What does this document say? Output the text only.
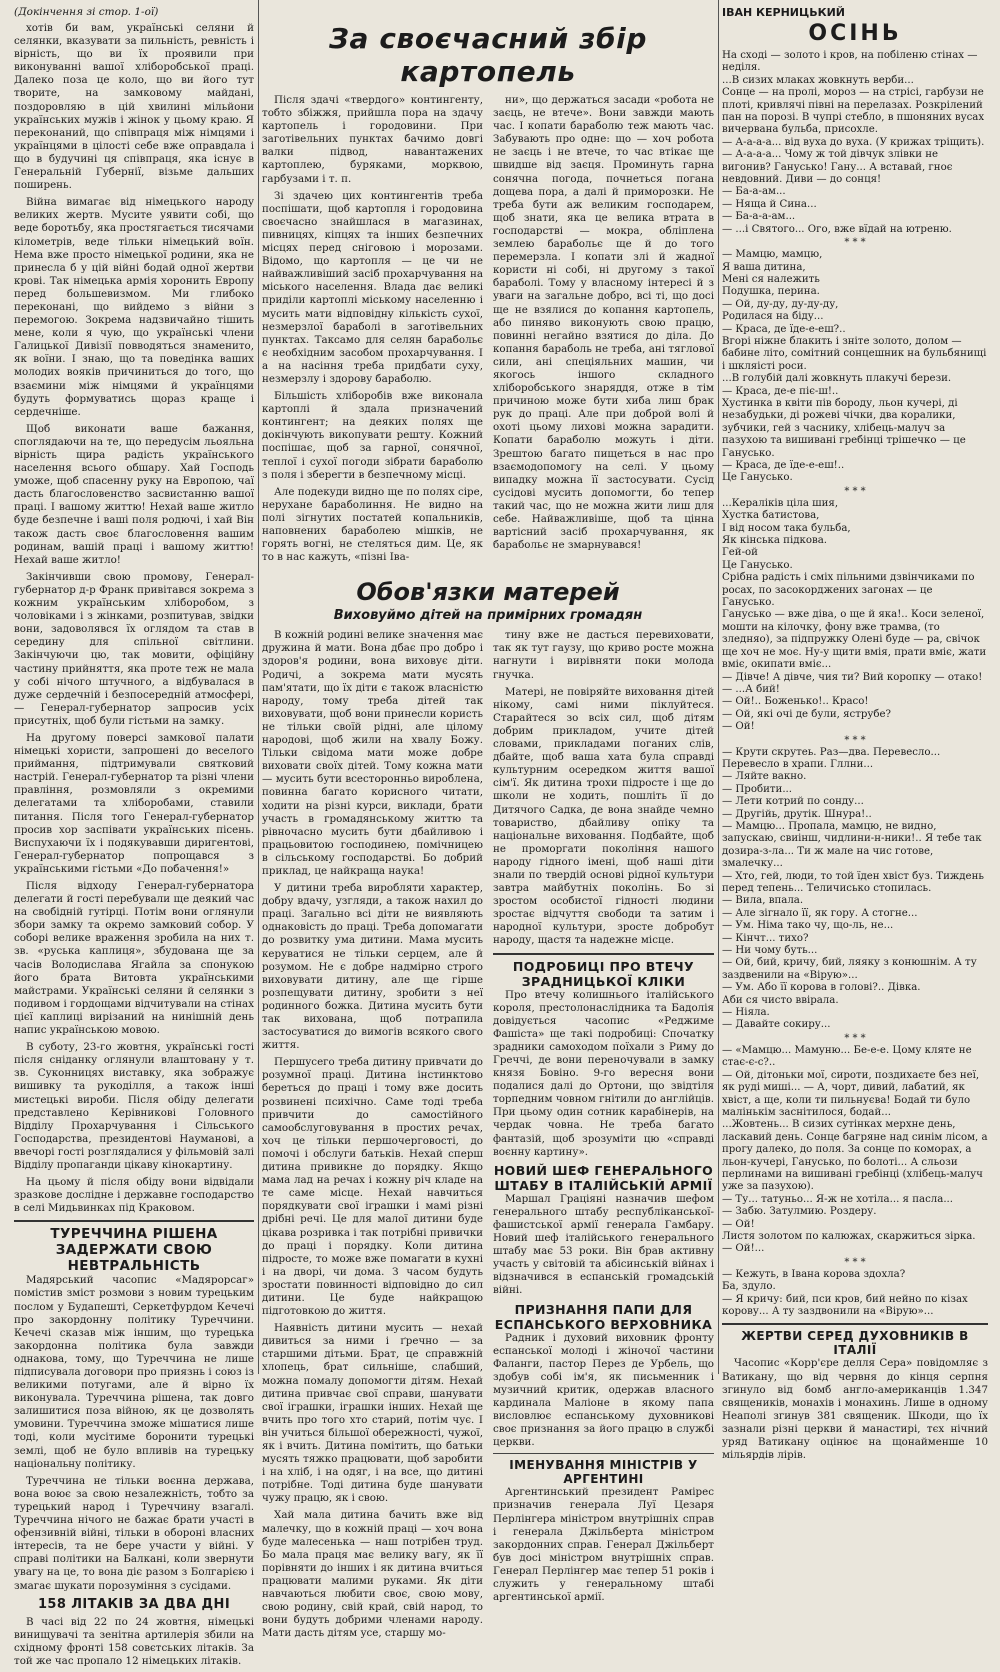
(Докінчення зі стор. 1-ої)

хотів би вам, українські селяни й селянки, вказувати за пильність, ревність і вірність, що ви їх проявили при виконуванні вашої хліборобської праці. Далеко поза це коло, що ви його тут творите, на замковому майдані, поздоровляю в цій хвилині мільйони українських мужів і жінок у цьому краю. Я переконаний, що співпраця між німцями і українцями в цілості себе вже оправдала і що в будучині ця співпраця, яка існує в Генеральній Губернії, візьме дальших поширень.

Війна вимагає від німецького народу великих жертв. Мусите уявити собі, що веде боротьбу, яка простягається тисячами кілометрів, веде тільки німецький воїн. Нема вже просто німецької родини, яка не принесла б у цій війні бодай одної жертви крові. Так німецька армія хоронить Европу перед большевизмом. Ми глибоко переконані, що вийдемо з війни з перемогою. Зокрема надзвичайно тішить мене, коли я чую, що українські члени Галицької Дивізії повводяться знаменито, як воїни. І знаю, що та поведінка ваших молодих вояків причиниться до того, що взаємини між німцями й українцями будуть формуватись щораз краще і сердечніше.

Щоб виконати ваше бажання, споглядаючи на те, що передусім льояльна вірність щира радість українського населення всього обшару. Хай Господь уможе, щоб спасенну руку на Европою, чаї дасть благословенство засвистанню вашої праці. І вашому життю! Нехай ваше житло буде безпечне і ваші поля родючі, і хай Він також дасть своє благословення вашим родинам, вашій праці і вашому життю! Нехай ваше житло!

Закінчивши свою промову, Генерал-губернатор д-р Франк привітався зокрема з кожним українським хліборобом, з чоловіками і з жінками, розпитував, звідки вони, задоволявся їх оглядом та став в середину для спільної світлини. Закінчуючи цю, так мовити, офіційну частину прийняття, яка проте теж не мала у собі нічого штучного, а відбувалася в дуже сердечній і безпосередній атмосфері, — Генерал-губернатор запросив усіх присутніх, щоб були гістьми на замку.

На другому поверсі замкової палати німецькі хористи, запрошені до веселого приймання, підтримували святковий настрій. Генерал-губернатор та різні члени правління, розмовляли з окремими делегатами та хліборобами, ставили питання. Після того Генерал-губернатор просив хор заспівати українських пісень. Виспухаючи їх і подякувавши диригентові, Генерал-губернатор попрощався з українськими гістьми «До побачення!»

Після відходу Генерал-губернатора делегати й гості перебували ще деякий час на свобідній гутірці. Потім вони оглянули збори замку та окремо замковий собор. У соборі велике враження зробила на них т. зв. «руська каплиця», збудована ще за часів Володислава Ягайла за спонукою його брата Витовта українськими майстрами. Українські селяни й селянки з подивом і гордощами відчитували на стінах цієї каплиці вирізаний на нинішній день напис українською мовою.

В суботу, 23-го жовтня, українські гості після сніданку оглянули влаштовану у т. зв. Суконницях виставку, яка зображує вишивку та рукоділля, а також інші мистецькі вироби. Після обіду делегати представлено Керівникові Головного Відділу Прохарчування і Сільського Господарства, президентові Науманові, а ввечорі гості розглядалися у фільмовій залі Відділу пропаганди цікаву кінокартину.

На цьому й після обіду вони відвідали зразкове дослідне і державне господарство в селі Мидьвинках під Краковом.

ТУРЕЧЧИНА РІШЕНА ЗАДЕРЖАТИ СВОЮ НЕВТРАЛЬНІСТЬ

Мадярський часопис «Мадярорсаг» помістив зміст розмови з новим турецьким послом у Будапешті, Серкетфурдом Кечечі про закордонну політику Туреччини. Кечечі сказав між іншим, що турецька закордонна політика була завжди однакова, тому, що Туреччина не лише підписувала договори про приязнь і союз із великими потугами, але й вірно їх виконувала. Туреччина рішена, так довго залишитися поза війною, як це дозволять умовини. Туреччина зможе мішатися лише тоді, коли мусітиме боронити турецькі землі, щоб не було впливів на турецьку національну політику.

Туреччина не тільки воєнна держава, вона воює за свою незалежність, тобто за турецький народ і Туреччину взагалі. Туреччина нічого не бажає брати участі в офензивній війні, тільки в обороні власних інтересів, та не бере участи у війні. У справі політики на Балкані, коли звернути увагу на це, то вона діє разом з Болгарією і змагає шукати порозуміння з сусідами.

158 ЛІТАКІВ ЗА ДВА ДНІ

В часі від 22 по 24 жовтня, німецькі винищувачі та зенітна артилерія збили на східному фронті 158 совєтських літаків. За той же час пропало 12 німецьких літаків.

За своєчасний збір картопель

Після здачі «твердого» контингенту, тобто збіжжя, прийшла пора на здачу картопель і городовини. При заготівельних пунктах бачимо довгі валки підвод, навантажених картоплею, буряками, морквою, гарбузами і т. п.

Зі здачею цих контингентів треба поспішати, щоб картопля і городовина своєчасно знайшлася в магазинах, пивницях, кіпцях та інших безпечних місцях перед сніговою і морозами. Відомо, що картопля — це чи не найважливіший засіб прохарчування на міського населення. Влада дає великі приділи картоплі міському населенню і мусить мати відповідну кількість сухої, незмерзлої бараболі в заготівельних пунктах. Таксамо для селян барабольє є необхідним засобом прохарчування. І а на насіння треба придбати суху, незмерзлу і здорову бараболю.

Більшість хліборобів вже виконала картоплі й здала призначений контингент; на деяких полях ще докінчують викопувати решту. Кожний поспішає, щоб за гарної, сонячної, теплої і сухої погоди зібрати бараболю з поля і зберегти в безпечному місці.

Але подекуди видно ще по полях сіре, нерухане бараболиння. Не видно на полі зігнутих постатей копальників, наповнених бараболею мішків, не горять вогні, не стеляться дим. Це, як то в нас кажуть, «пізні Іва-

ни», що держаться засади «робота не заєць, не втече». Вони завжди мають час. І копати бараболю теж мають час. Забувають про одне: що — хоч робота не заєць і не втече, то час втікає ще швидше від заєця. Проминуть гарна сонячна погода, почнеться погана дощева пора, а далі й приморозки. Не треба бути аж великим господарем, щоб знати, яка це велика втрата в господарстві — мокра, обліплена землею барабольє ще й до того перемерзла. І копати злі й жадної користи ні собі, ні другому з такої бараболі. Тому у власному інтересі й з уваги на загальне добро, всі ті, що досі ще не взялися до копання картопель, або пиняво виконують свою працю, повинні негайно взятися до діла. До копання бараболь не треба, ані тяглової сили, ані спеціяльних машин, чи якогось іншого складного хліборобського знаряддя, отже в тім причиною може бути хиба лиш брак рук до праці. Але при доброй волі й охоті цьому лихові можна зарадити. Копати бараболю можуть і діти. Зрештою багато пищеться в нас про взаємодопомогу на селі. У цьому випадку можна її застосувати. Сусід сусідові мусить допомогти, бо тепер такий час, що не можна жити лиш для себе. Найважливіше, щоб та цінна вартісний засіб прохарчування, як барабольє не змарнувався!

Обов'язки матерей
Виховуймо дітей на примірних громадян

В кожній родині велике значення має дружина й мати. Вона дбає про добро і здоров'я родини, вона виховує діти. Родичі, а зокрема мати мусять пам'ятати, що їх діти є також власністю народу, тому треба дітей так виховувати, щоб вони принесли користь не тільки своїй рідні, але цілому народові, щоб жили на хвалу Божу. Тільки свідома мати може добре виховати своїх дітей. Тому кожна мати — мусить бути всесторонньо вироблена, повинна багато корисного читати, ходити на різні курси, виклади, брати участь в громадянському життю та рівночасно мусить бути дбайливою і працьовитою господинею, помічницею в сільському господарстві. Бо добрий приклад, це найкраща наука!

У дитини треба виробляти характер, добру вдачу, узгляди, а також нахил до праці. Загально всі діти не виявляють однаковість до праці. Треба допомагати до розвитку ума дитини. Мама мусить керуватися не тільки серцем, але й розумом. Не є добре надмірно строго виховувати дитину, але ще гірше розпещувати дитину, зробити з неї родинного божка. Дитина мусить бути так вихована, щоб потрапила застосуватися до вимогів всякого свого життя.

Першусего треба дитину привчати до розумної праці. Дитина інстинктово береться до праці і тому вже досить розвинені психічно. Саме тоді треба привчити до самостійного самообслуговування в простих речах, хоч це тільки першочерговості, до помочі і обслуги батьків. Нехай сперш дитина привикне до порядку. Якщо мама лад на речах і кожну річ кладе на те саме місце. Нехай навчиться порядкувати свої іграшки і мамі різні дрібні речі. Це для малої дитини буде цікава розривка і так потрібні привички до праці і порядку. Коли дитина підросте, то може вже помагати в кухні і на дворі, чи дома. З часом будуть зростати повинності відповідно до сил дитини. Це буде найкращою підготовкою до життя.

Наявність дитини мусить — нехай дивиться за ними і ґречно — за старшими дітьми. Брат, це справжній хлопець, брат сильніше, слабший, можна помалу допомогти дітям. Нехай дитина привчає свої справи, шанувати свої іграшки, іграшки інших. Нехай ще вчить про того хто старий, потім чує. І він учиться більшої обережності, чужої, як і вчить. Дитина помітить, що батьки мусять тяжко працювати, щоб заробити і на хліб, і на одяг, і на все, що дитині потрібне. Тоді дитина буде шанувати чужу працю, як і свою.

Хай мала дитина бачить вже від малечку, що в кожній праці — хоч вона буде малесенька — наш потрібен труд. Бо мала праця має велику вагу, як її порівняти до інших і як дитина вчиться працювати малими руками. Як діти навчаються любити своє, свою мову, свою родину, свій край, свій народ, то вони будуть добрими членами народу. Мати дасть дітям усе, старшу мо-

тину вже не дасться перевиховати, так як тут гаузу, що криво росте можна нагнути і вирівняти поки молода гнучка.

Матері, не повіряйте виховання дітей нікому, самі ними піклуйтеся. Старайтеся зо всіх сил, щоб дітям добрим прикладом, учите дітей словами, прикладами поганих слів, дбайте, щоб ваша хата була справді культурним осередком життя вашої сім'ї. Як дитина трохи підросте і ще до школи не ходить, пошліть її до Дитячого Садка, де вона знайде чемно товариство, дбайливу опіку та національне виховання. Подбайте, щоб не проморгати покоління нашого народу гідного імені, щоб наші діти знали по твердій основі рідної культури завтра майбутніх поколінь. Бо зі зростом особистої гідності людини зростає відчуття свободи та затим і народної культури, зросте добробут народу, щастя та надежне місце.

ПОДРОБИЦІ ПРО ВТЕЧУ ЗРАДНИЦЬКОЇ КЛІКИ

Про втечу колишнього італійського короля, престолонаслідника та Бадолія довідується часопис «Реджиме Фашіста» ще такі подробиці: Спочатку зрадники самоходом поїхали з Риму до Греччі, де вони переночували в замку князя Бовіно. 9-го вересня вони подалися далі до Ортони, що звідтіля торпедним човном гнітили до англійців. При цьому один сотник карабінерів, на чердак човна. Не треба багато фантазій, щоб зрозуміти цю «справді воєнну картину».

НОВИЙ ШЕФ ГЕНЕРАЛЬНОГО ШТАБУ В ІТАЛІЙСЬКІЙ АРМІЇ

Маршал Граціяні назначив шефом генерального штабу республіканської-фашистської армії генерала Гамбару. Новий шеф італійського генерального штабу має 53 роки. Він брав активну участь у світовій та абісинській війнах і відзначився в еспанській громадській війні.

ПРИЗНАННЯ ПАПИ ДЛЯ ЕСПАНСЬКОГО ВЕРХОВНИКА

Радник і духовий виховник фронту еспанської молоді і жіночої частини Фаланги, пастор Перез де Урбель, що здобув собі ім'я, як письменник і музичний критик, одержав власного кардинала Маліоне в якому папа висловлює еспанському духовникові своє признання за його працю в службі церкви.

ІМЕНУВАННЯ МІНІСТРІВ У АРГЕНТИНІ

Аргентинський президент Раміреc призначив генерала Луї Цезаря Перлінгера міністром внутрішніх справ і генерала Джільберта міністром закордонних справ. Генерал Джільберт був досі міністром внутрішніх справ. Генерал Перлінгер має тепер 51 років і служить у генеральному штабі аргентинської армії.

ІВАН КЕРНИЦЬКИЙ
ОСІНЬ

На сході — золото і кров, на побіленю стінах — неділя.

...В сизих млаках жовкнуть верби...

Сонце — на пролі, мороз — на стрісі, гарбузи не плоті, кривлячі півні на перелазах. Розкрілений пан на порозі. В чупрі стебло, в пшоняних вусах вичервана бульба, присохле.

— А-а-а-а... від вуха до вуха. (У крижах тріщить).

— А-а-а-а... Чому ж той дівчук злівки не вигонив? Ганусько! Гану... А вставай, гноє невдовний. Диви — до сонця!

— Ба-а-ам...

— Няща й Сина...

— Ба-а-а-ам...

— ...і Святого... Ого, вже вїдай на ютреню.

* * *

— Мамцю, мамцю,

Я ваша дитина,

Мені ся належить

Подушка, перина.

— Ой, ду-ду, ду-ду-ду,

Родилася на біду...

— Краса, де їде-е-еш?..

Вгорі ніжне блакить і зніте золото, долом — бабине літо, сомітний сонцешник на бульбянищі і шкляісті роси.

...В голубій далі жовкнуть плакучі берези.

— Краса, де-е піє-ш!..

Хустинка в квіти пів бороду, льон кучері, ді незабудьки, ді рожеві чічки, два коралики, зубчики, гей з часнику, хлібець-малуч за пазухою та вишивані гребінці трішечко — це Ганусько.

— Краса, де їде-е-еш!..

Це Ганусько.

* * *

...Кераліків ціла шия,

Хустка батистова,

І від носом така бульба,

Як кінська підкова.

Гей-ой

Це Ганусько.

Срібна радість і сміх пільними дзвінчиками по росах, по засокорджених загонах — це Ганусько.

Ганусько — вже діва, о ще й яка!.. Коси зеленої, мошти на кілочку, фону вже трамва, (то зледняо), за підпружку Олені буде — ра, свічок ще хоч не моє. Ну-у щити вмія, прати вміє, жати вміє, окипати вміє...

— Дівче! А дівче, чия ти? Вий коропку — отако!

— ...А бий!

— Ой!.. Боженько!.. Красо!

— Ой, які очі де були, яструбе?

— Ой!

* * *

— Крути скрутеь. Раз—два. Перевесло... Перевесло в храпи. Гллни...

— Ляйте вакно.

— Пробити...

— Лети котрий по сонду...

— Другійь, друтік. Шнура!..

— Мамцю... Пропала, мамцю, не видно, запускаю, свиінш, чидлини-н-ники!.. Я тебе так дозира-з-ла... Ти ж мале на чис готове, змалечку...

— Хто, гей, люди, то той їден хвіст буз. Тиждень перед тепень... Теличисько стопилась.

— Вила, впала.

— Але зігнало її, як гору. А стогне...

— Ум. Німа тако чу, що-ль, не...

— Кінчт... тихо?

— Ни чому буть...

— Ой, бий, кричу, бий, ляяку з конюшнім. А ту заздвенили на «Вірую»...

— Ум. Або її корова в голові?.. Дівка.

Аби ся чисто ввірала.

— Ніяла.

— Давайте сокиру...

* * *

— «Мамцю... Мамуню... Бе-е-е. Цому кляте не стає-є-с?..

— Ой, дітоньки мої, сироти, поздихаєте без неї, як руді миші... — А, чорт, дивий, лабатий, як хвіст, а ще, коли ти пильнуєва! Бодай ти було малінькім заснітилося, бодай...

...Жовтень... В сизих сутінках мерхне день, ласкавий день. Сонце багряне над синім лісом, а прогу далеко, до поля. За сонце по коморах, а льон-кучері, Ганусько, по болоті... А сльози перлинами на вишивані гребінці (хлібець-малуч уже за пазухою).

— Ту... татуньо... Я-ж не хотіла... я пасла...

— Забю. Затулмию. Роздеру.

— Ой!

Листя золотом по калюжах, скаржиться зірка.

— Ой!...

* * *

— Кежуть, в Івана корова здохла?

Ба, здуло.

— Я кричу: бий, пси кров, бий нейно по кізах корову... А ту заздвонили на «Вірую»...

ЖЕРТВИ СЕРЕД ДУХОВНИКІВ В ІТАЛІЇ

Часопис «Корр'єре делля Сера» повідомляє з Ватикану, що від червня до кінця серпня згинуло від бомб англо-американців 1.347 священиків, монахів і монахинь. Лише в одному Неаполі згинув 381 священик. Шкоди, що їх зазнали різні церкви й манастирі, тєх нічний уряд Ватикану оцінює на щонайменше 10 мільярдів лірів.
